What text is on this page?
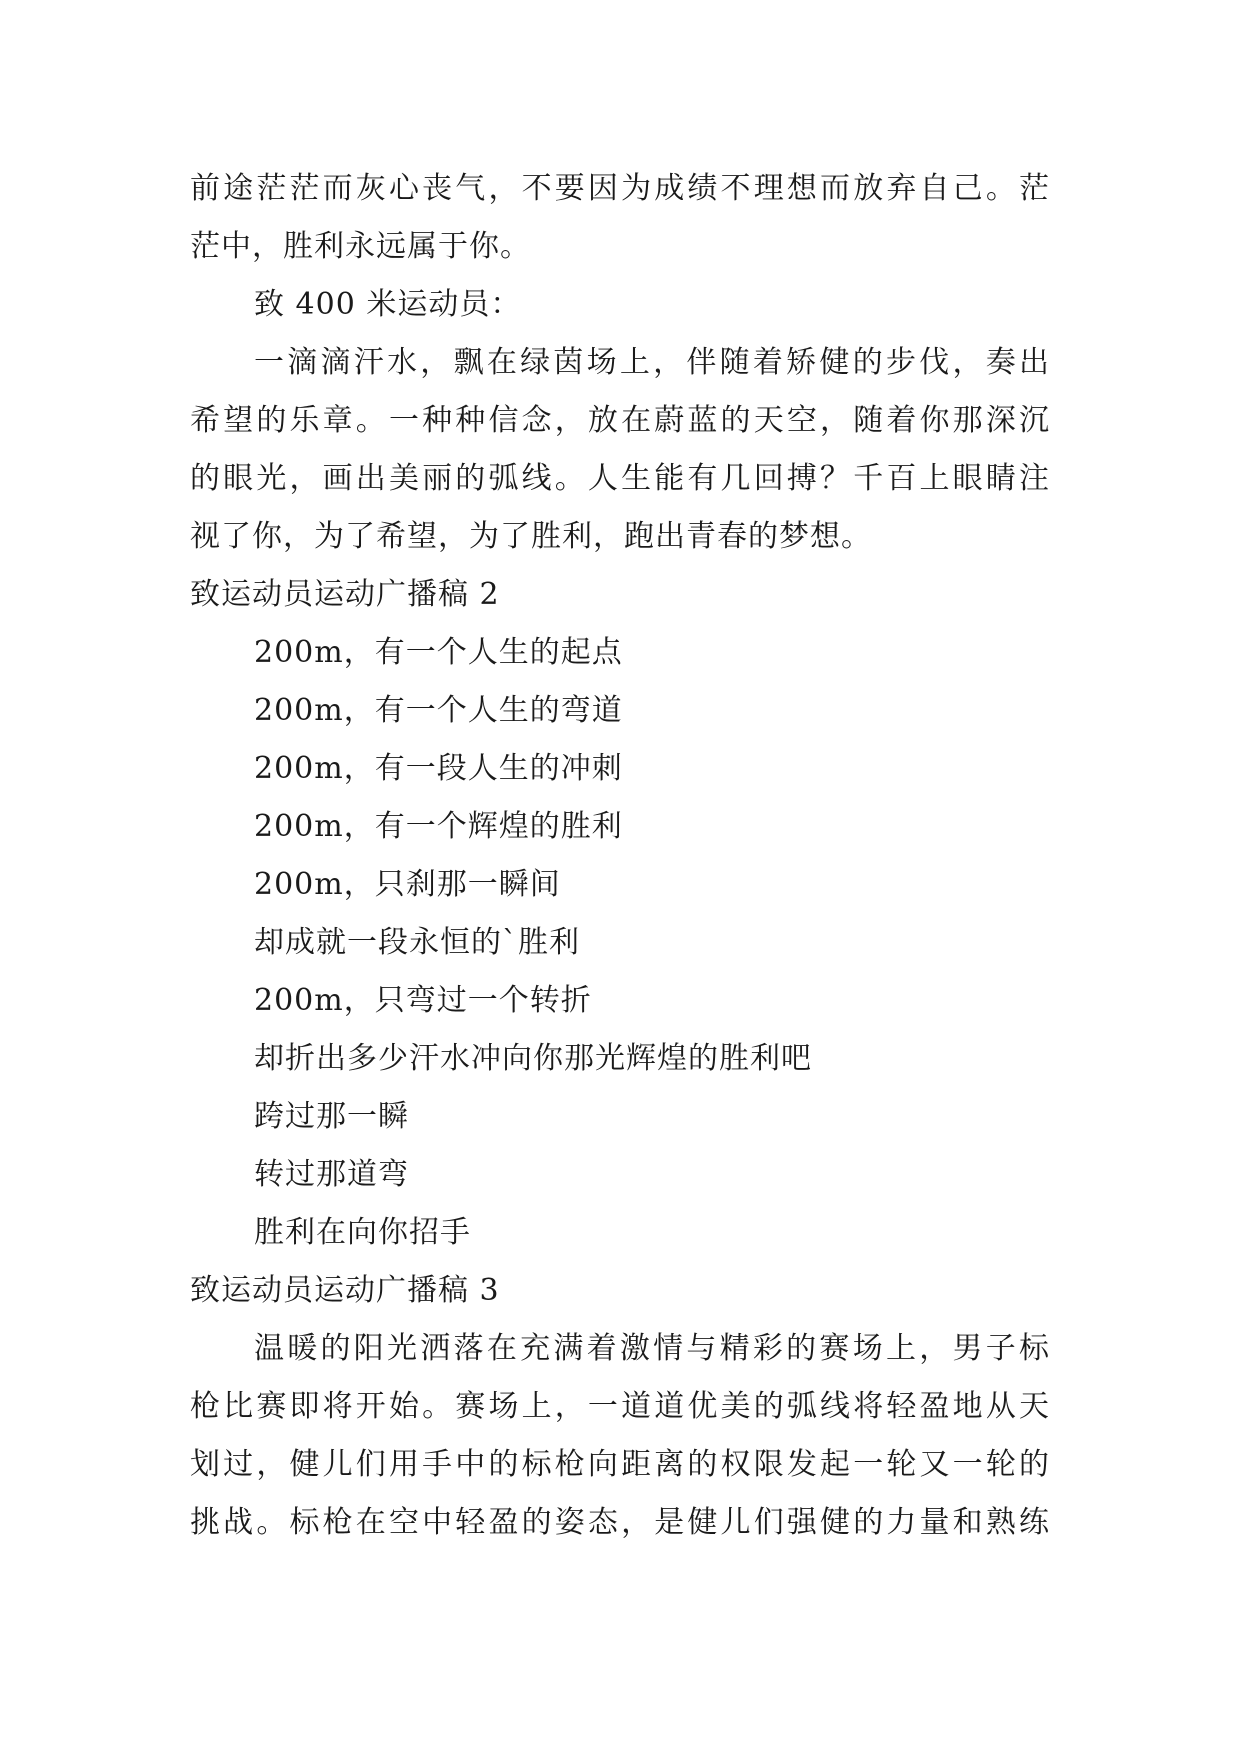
前途茫茫而灰心丧气，不要因为成绩不理想而放弃自己。茫
茫中，胜利永远属于你。
致 400 米运动员：
一滴滴汗水，飘在绿茵场上，伴随着矫健的步伐，奏出
希望的乐章。一种种信念，放在蔚蓝的天空，随着你那深沉
的眼光，画出美丽的弧线。人生能有几回搏？千百上眼睛注
视了你，为了希望，为了胜利，跑出青春的梦想。
致运动员运动广播稿 2
200m，有一个人生的起点
200m，有一个人生的弯道
200m，有一段人生的冲刺
200m，有一个辉煌的胜利
200m，只刹那一瞬间
却成就一段永恒的`胜利
200m，只弯过一个转折
却折出多少汗水冲向你那光辉煌的胜利吧
跨过那一瞬
转过那道弯
胜利在向你招手
致运动员运动广播稿 3
温暖的阳光洒落在充满着激情与精彩的赛场上，男子标
枪比赛即将开始。赛场上，一道道优美的弧线将轻盈地从天
划过，健儿们用手中的标枪向距离的权限发起一轮又一轮的
挑战。标枪在空中轻盈的姿态，是健儿们强健的力量和熟练
